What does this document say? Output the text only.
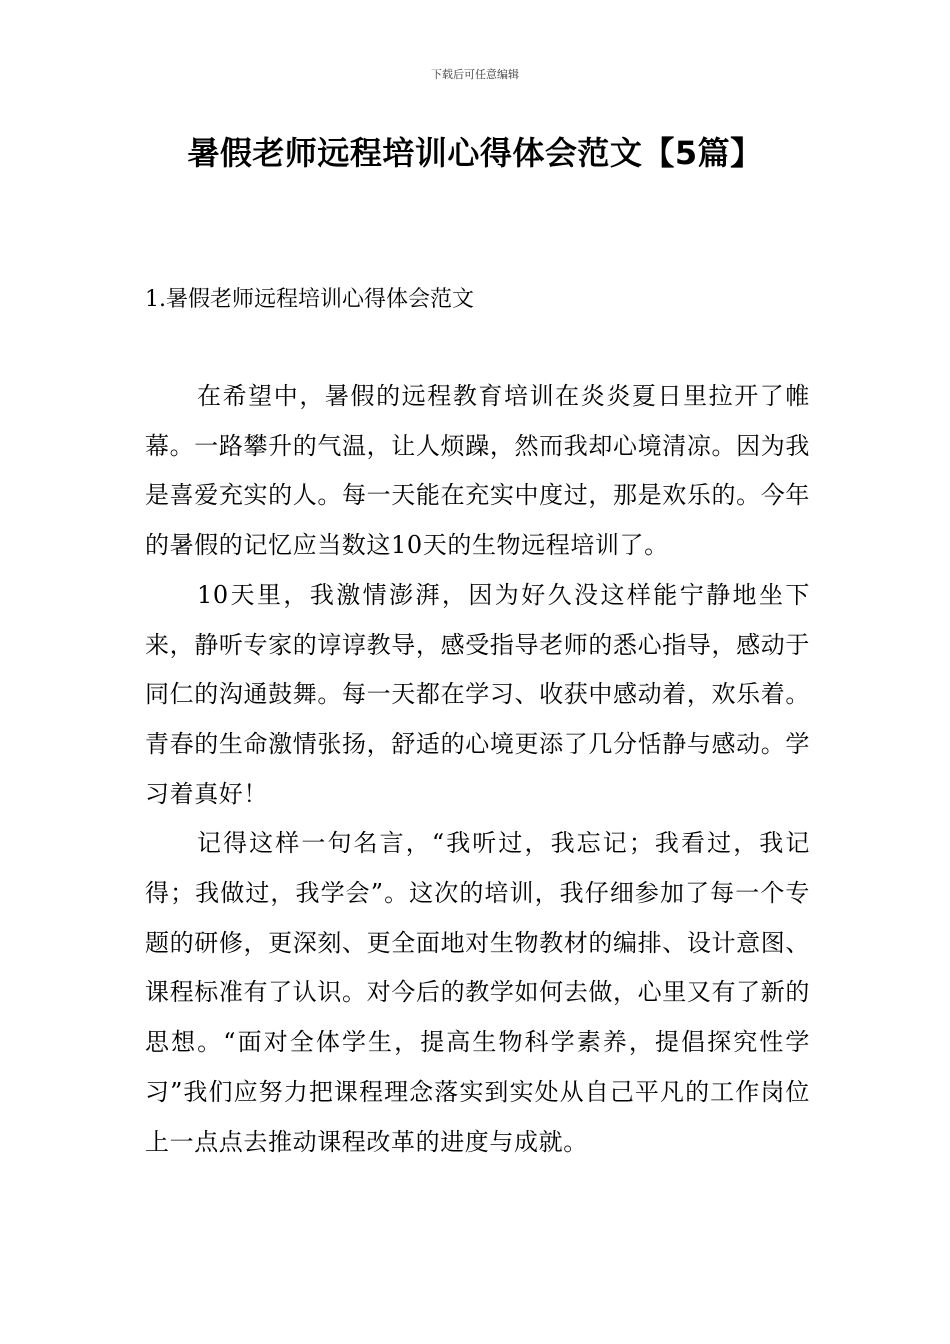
下载后可任意编辑
暑假老师远程培训心得体会范文【5篇】
1.暑假老师远程培训心得体会范文

在希望中，暑假的远程教育培训在炎炎夏日里拉开了帷幕。一路攀升的气温，让人烦躁，然而我却心境清凉。因为我是喜爱充实的人。每一天能在充实中度过，那是欢乐的。今年的暑假的记忆应当数这10天的生物远程培训了。

10天里，我激情澎湃，因为好久没这样能宁静地坐下来，静听专家的谆谆教导，感受指导老师的悉心指导，感动于同仁的沟通鼓舞。每一天都在学习、收获中感动着，欢乐着。青春的生命激情张扬，舒适的心境更添了几分恬静与感动。学习着真好！

记得这样一句名言，“我听过，我忘记；我看过，我记得；我做过，我学会”。这次的培训，我仔细参加了每一个专题的研修，更深刻、更全面地对生物教材的编排、设计意图、课程标准有了认识。对今后的教学如何去做，心里又有了新的思想。“面对全体学生，提高生物科学素养，提倡探究性学习”我们应努力把课程理念落实到实处从自己平凡的工作岗位上一点点去推动课程改革的进度与成就。
